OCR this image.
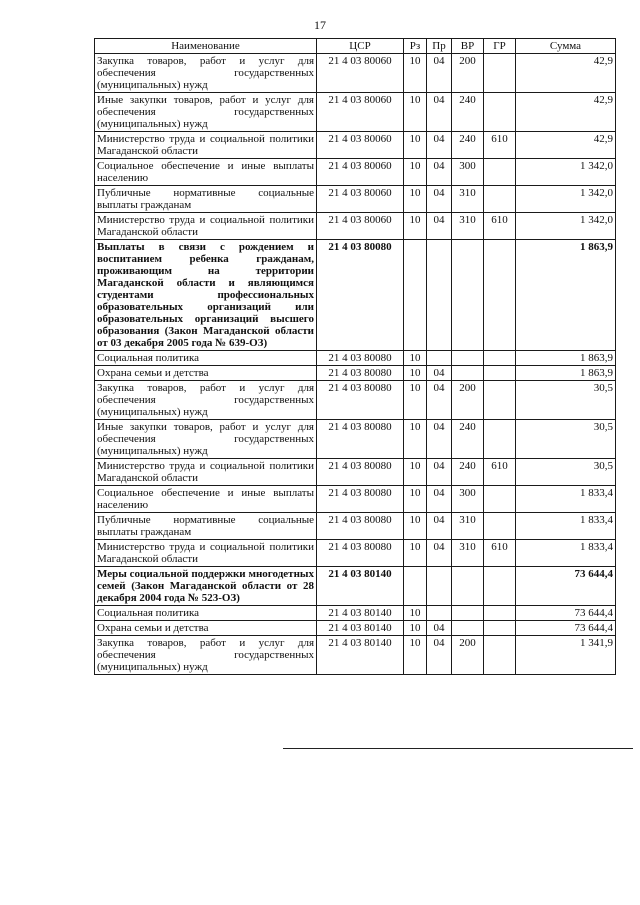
17
Наименование	ЦСР	Рз	Пр	ВР	ГР	Сумма
Закупка товаров, работ и услуг для обеспечения государственных (муниципальных) нужд	21 4 03 80060	10	04	200		42,9
Иные закупки товаров, работ и услуг для обеспечения государственных (муниципальных) нужд	21 4 03 80060	10	04	240		42,9
Министерство труда и социальной политики Магаданской области	21 4 03 80060	10	04	240	610	42,9
Социальное обеспечение и иные выплаты населению	21 4 03 80060	10	04	300		1 342,0
Публичные нормативные социальные выплаты гражданам	21 4 03 80060	10	04	310		1 342,0
Министерство труда и социальной политики Магаданской области	21 4 03 80060	10	04	310	610	1 342,0
Выплаты в связи с рождением и воспитанием ребенка гражданам, проживающим на территории Магаданской области и являющимся студентами профессиональных образовательных организаций или образовательных организаций высшего образования (Закон Магаданской области от 03 декабря 2005 года № 639-ОЗ)	21 4 03 80080					1 863,9
Социальная политика	21 4 03 80080	10				1 863,9
Охрана семьи и детства	21 4 03 80080	10	04			1 863,9
Закупка товаров, работ и услуг для обеспечения государственных (муниципальных) нужд	21 4 03 80080	10	04	200		30,5
Иные закупки товаров, работ и услуг для обеспечения государственных (муниципальных) нужд	21 4 03 80080	10	04	240		30,5
Министерство труда и социальной политики Магаданской области	21 4 03 80080	10	04	240	610	30,5
Социальное обеспечение и иные выплаты населению	21 4 03 80080	10	04	300		1 833,4
Публичные нормативные социальные выплаты гражданам	21 4 03 80080	10	04	310		1 833,4
Министерство труда и социальной политики Магаданской области	21 4 03 80080	10	04	310	610	1 833,4
Меры социальной поддержки многодетных семей (Закон Магаданской области от 28 декабря 2004 года № 523-ОЗ)	21 4 03 80140					73 644,4
Социальная политика	21 4 03 80140	10				73 644,4
Охрана семьи и детства	21 4 03 80140	10	04			73 644,4
Закупка товаров, работ и услуг для обеспечения государственных (муниципальных) нужд	21 4 03 80140	10	04	200		1 341,9
